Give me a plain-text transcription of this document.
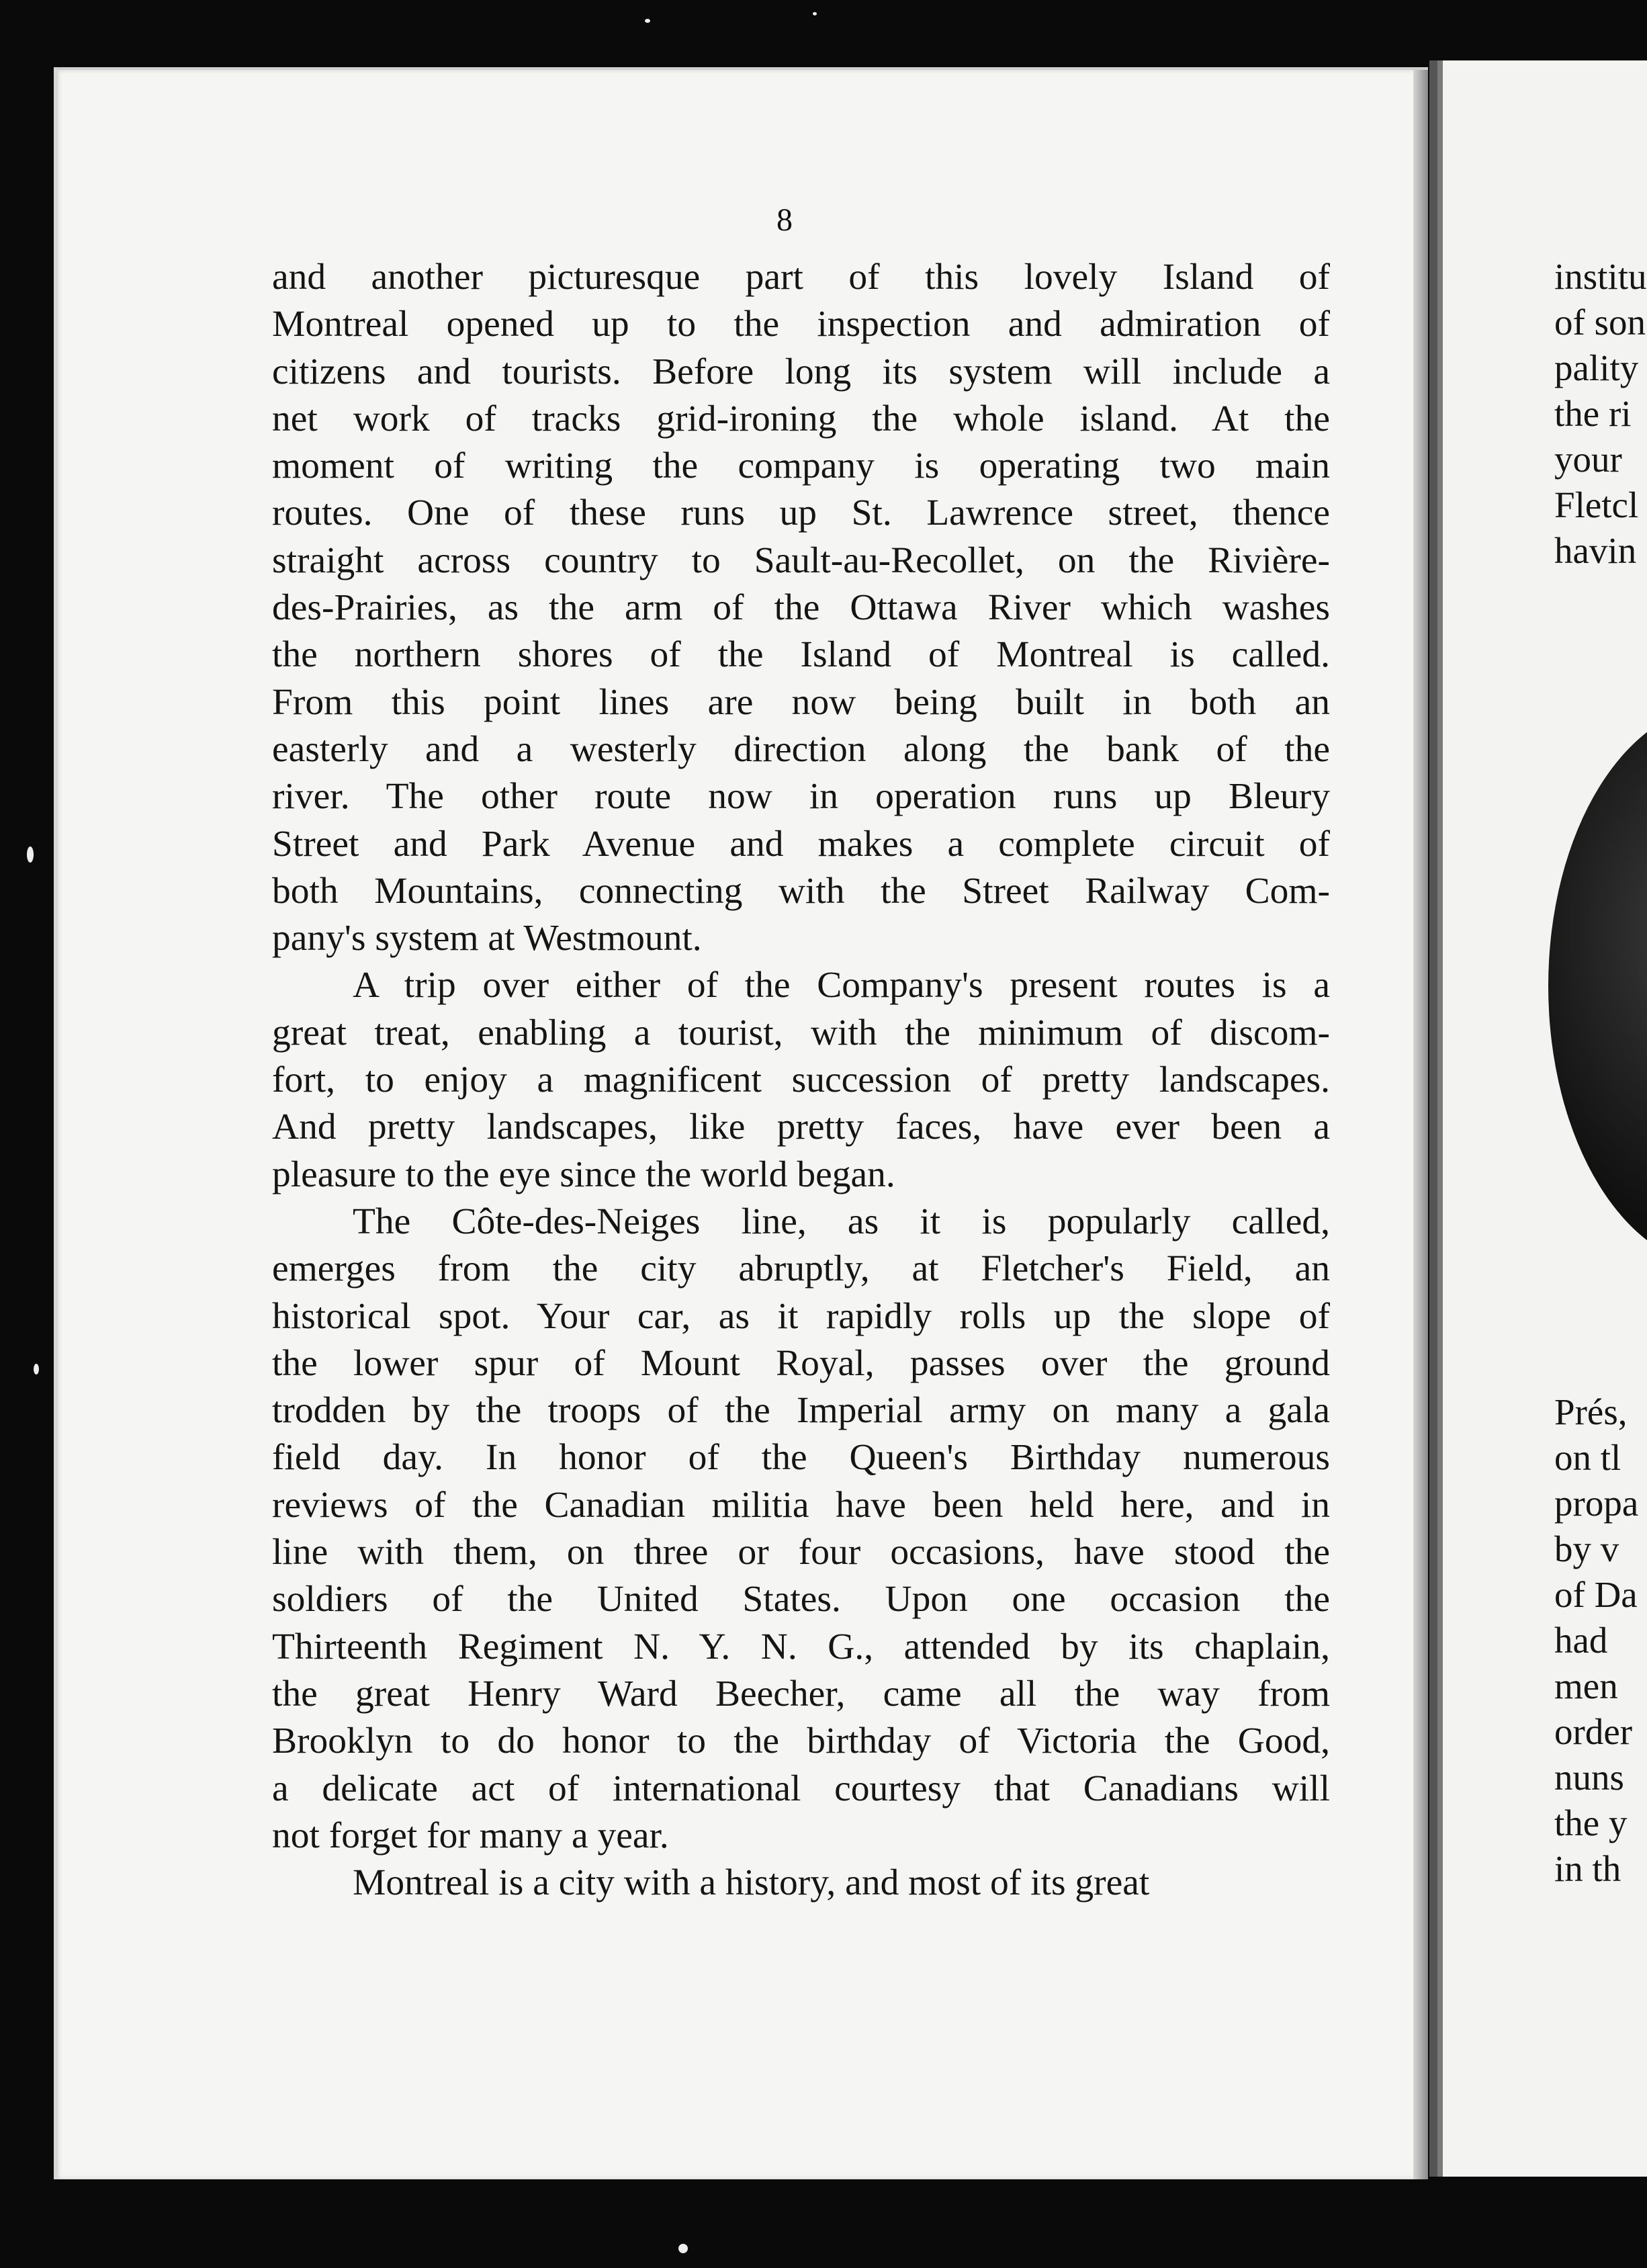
8

and another picturesque part of this lovely Island of
Montreal opened up to the inspection and admiration of
citizens and tourists. Before long its system will include a
net work of tracks grid-ironing the whole island. At the
moment of writing the company is operating two main
routes. One of these runs up St. Lawrence street, thence
straight across country to Sault-au-Recollet, on the Rivière-
des-Prairies, as the arm of the Ottawa River which washes
the northern shores of the Island of Montreal is called.
From this point lines are now being built in both an
easterly and a westerly direction along the bank of the
river. The other route now in operation runs up Bleury
Street and Park Avenue and makes a complete circuit of
both Mountains, connecting with the Street Railway Com-
pany's system at Westmount.

A trip over either of the Company's present routes is a
great treat, enabling a tourist, with the minimum of discom-
fort, to enjoy a magnificent succession of pretty landscapes.
And pretty landscapes, like pretty faces, have ever been a
pleasure to the eye since the world began.

The Côte-des-Neiges line, as it is popularly called,
emerges from the city abruptly, at Fletcher's Field, an
historical spot. Your car, as it rapidly rolls up the slope of
the lower spur of Mount Royal, passes over the ground
trodden by the troops of the Imperial army on many a gala
field day. In honor of the Queen's Birthday numerous
reviews of the Canadian militia have been held here, and in
line with them, on three or four occasions, have stood the
soldiers of the United States. Upon one occasion the
Thirteenth Regiment N. Y. N. G., attended by its chaplain,
the great Henry Ward Beecher, came all the way from
Brooklyn to do honor to the birthday of Victoria the Good,
a delicate act of international courtesy that Canadians will
not forget for many a year.

Montreal is a city with a history, and most of its great

institu
of son
pality
the ri
your
Fletcl
havin
Prés,
on tl
propa
by v
of Da
had
men
order
nuns
the y
in th
